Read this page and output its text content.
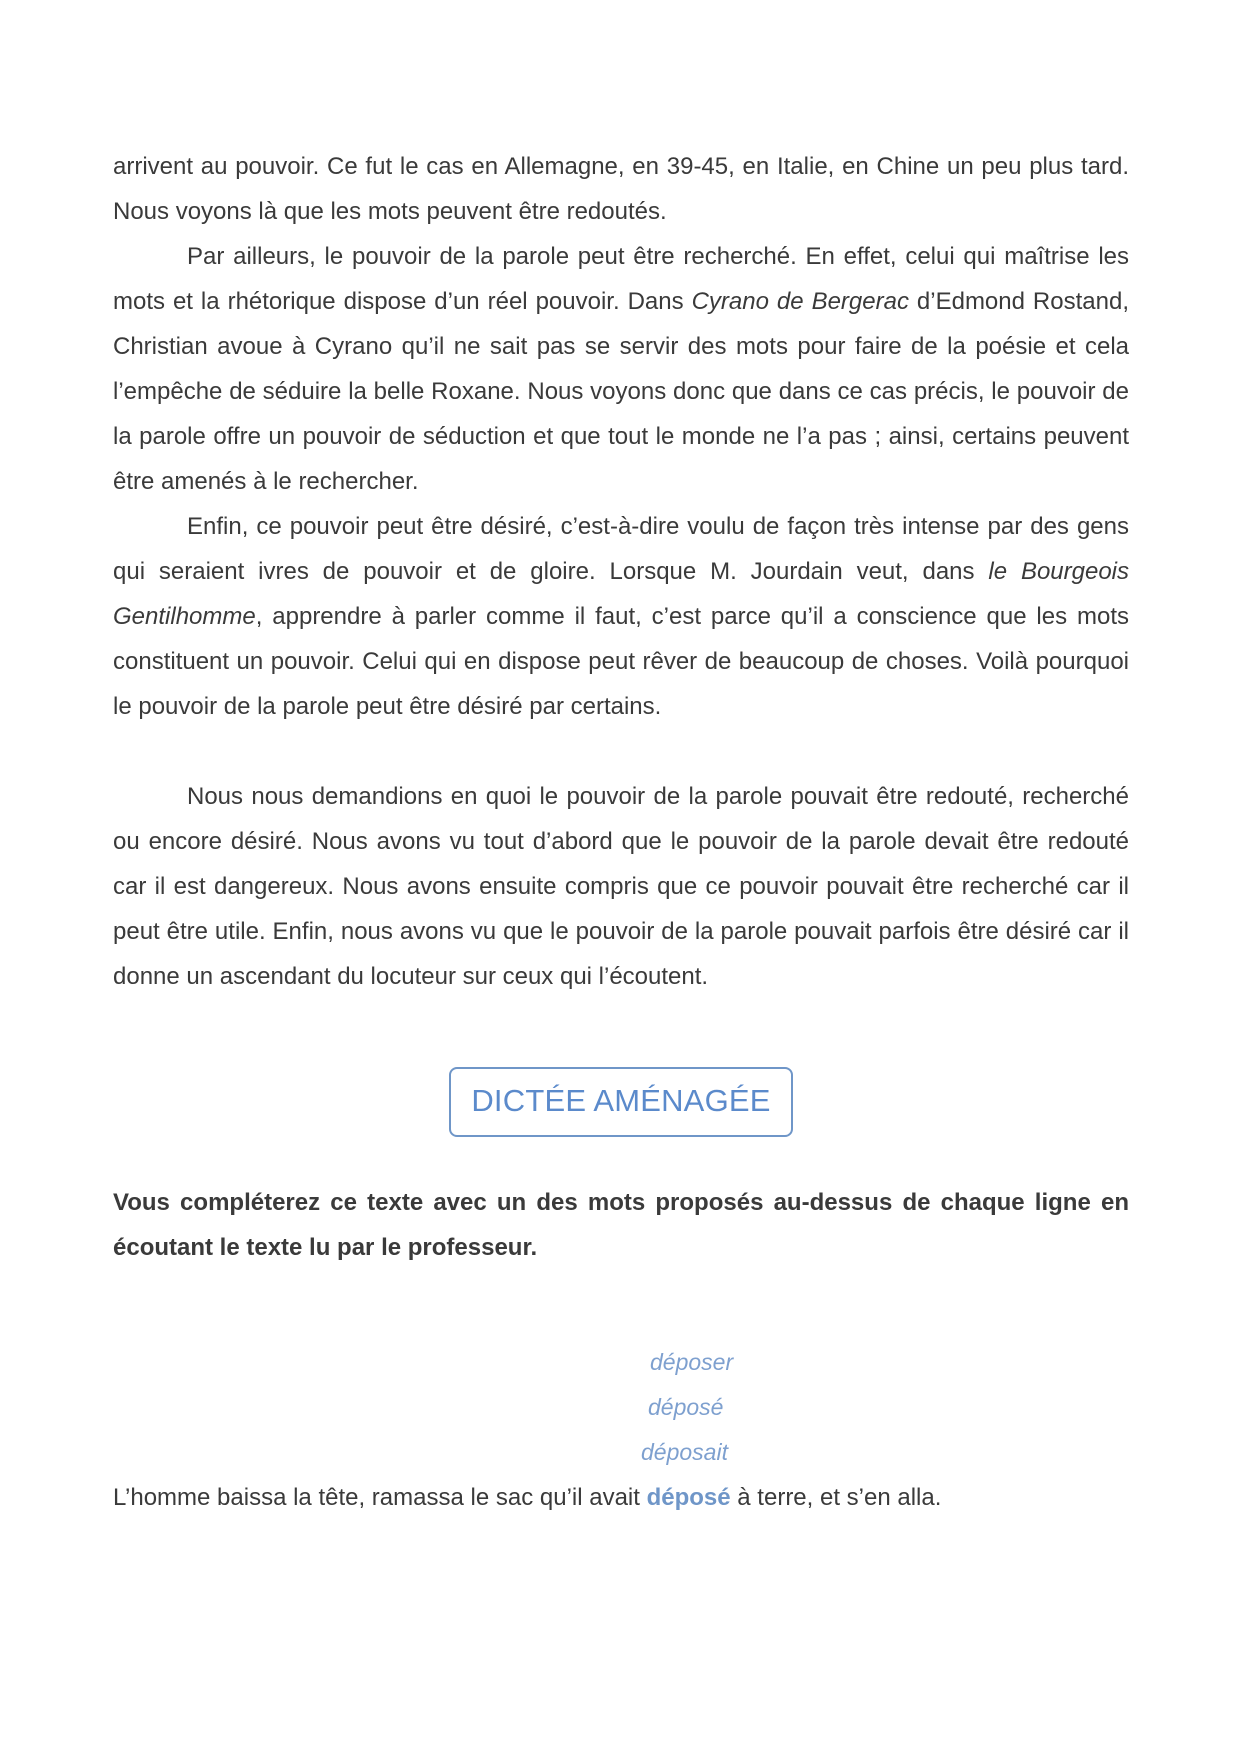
arrivent au pouvoir. Ce fut le cas en Allemagne, en 39-45, en Italie, en Chine un peu plus tard. Nous voyons là que les mots peuvent être redoutés.

Par ailleurs, le pouvoir de la parole peut être recherché. En effet, celui qui maîtrise les mots et la rhétorique dispose d’un réel pouvoir. Dans Cyrano de Bergerac d’Edmond Rostand, Christian avoue à Cyrano qu’il ne sait pas se servir des mots pour faire de la poésie et cela l’empêche de séduire la belle Roxane. Nous voyons donc que dans ce cas précis, le pouvoir de la parole offre un pouvoir de séduction et que tout le monde ne l’a pas ; ainsi, certains peuvent être amenés à le rechercher.

Enfin, ce pouvoir peut être désiré, c’est-à-dire voulu de façon très intense par des gens qui seraient ivres de pouvoir et de gloire. Lorsque M. Jourdain veut, dans le Bourgeois Gentilhomme, apprendre à parler comme il faut, c’est parce qu’il a conscience que les mots constituent un pouvoir. Celui qui en dispose peut rêver de beaucoup de choses. Voilà pourquoi le pouvoir de la parole peut être désiré par certains.

Nous nous demandions en quoi le pouvoir de la parole pouvait être redouté, recherché ou encore désiré. Nous avons vu tout d’abord que le pouvoir de la parole devait être redouté car il est dangereux. Nous avons ensuite compris que ce pouvoir pouvait être recherché car il peut être utile. Enfin, nous avons vu que le pouvoir de la parole pouvait parfois être désiré car il donne un ascendant du locuteur sur ceux qui l’écoutent.

DICTÉE AMÉNAGÉE

Vous compléterez ce texte avec un des mots proposés au-dessus de chaque ligne en écoutant le texte lu par le professeur.

déposer
déposé
déposait

L’homme baissa la tête, ramassa le sac qu’il avait déposé à terre, et s’en alla.
